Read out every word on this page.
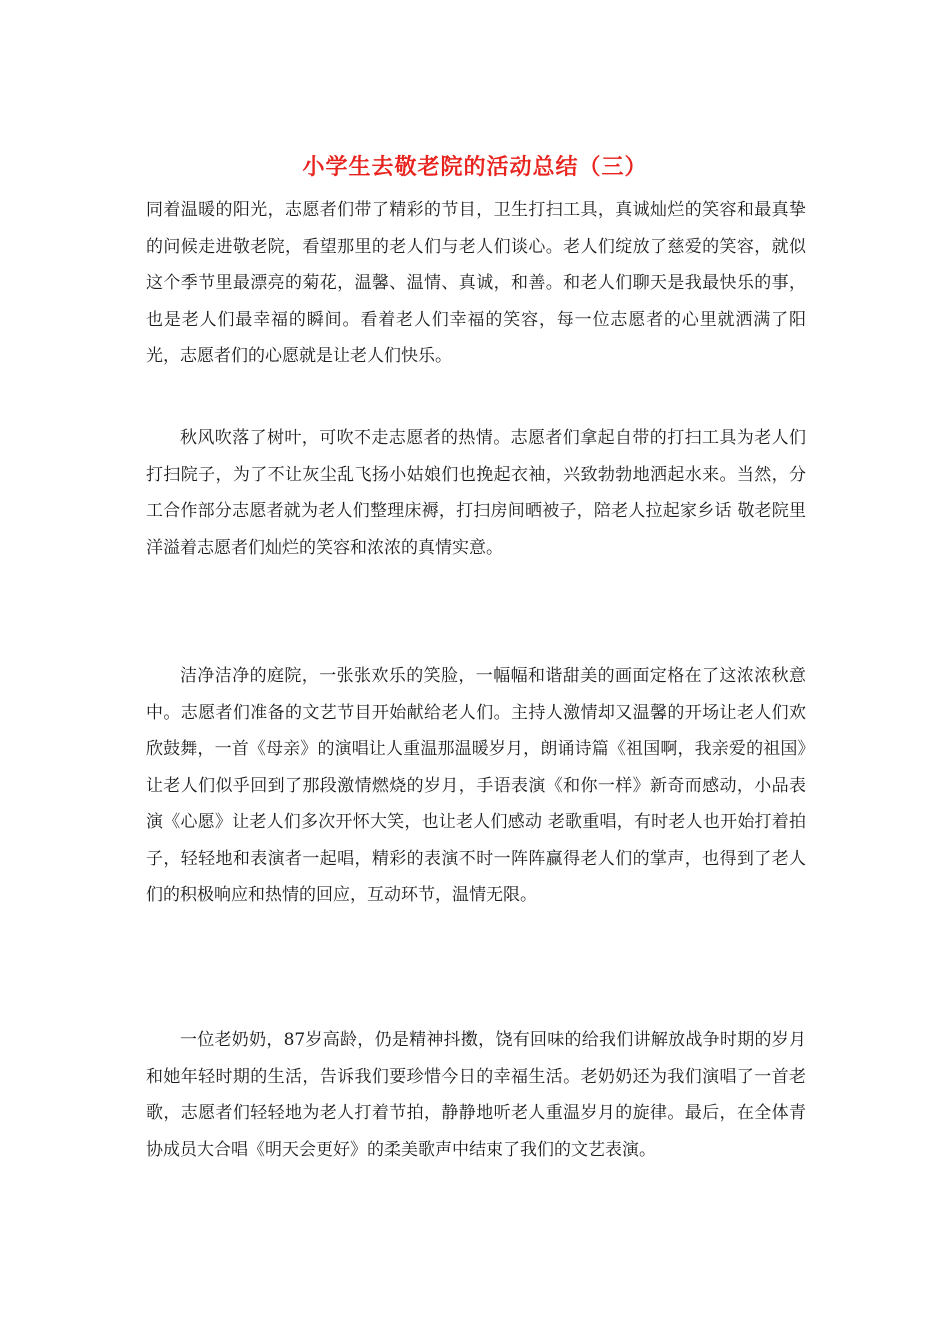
小学生去敬老院的活动总结（三）

同着温暖的阳光，志愿者们带了精彩的节目，卫生打扫工具，真诚灿烂的笑容和最真挚的问候走进敬老院，看望那里的老人们与老人们谈心。老人们绽放了慈爱的笑容，就似这个季节里最漂亮的菊花，温馨、温情、真诚，和善。和老人们聊天是我最快乐的事，也是老人们最幸福的瞬间。看着老人们幸福的笑容，每一位志愿者的心里就洒满了阳光，志愿者们的心愿就是让老人们快乐。

秋风吹落了树叶，可吹不走志愿者的热情。志愿者们拿起自带的打扫工具为老人们打扫院子，为了不让灰尘乱飞扬小姑娘们也挽起衣袖，兴致勃勃地洒起水来。当然，分工合作部分志愿者就为老人们整理床褥，打扫房间晒被子，陪老人拉起家乡话 敬老院里洋溢着志愿者们灿烂的笑容和浓浓的真情实意。

洁净洁净的庭院，一张张欢乐的笑脸，一幅幅和谐甜美的画面定格在了这浓浓秋意中。志愿者们准备的文艺节目开始献给老人们。主持人激情却又温馨的开场让老人们欢欣鼓舞，一首《母亲》的演唱让人重温那温暖岁月，朗诵诗篇《祖国啊，我亲爱的祖国》让老人们似乎回到了那段激情燃烧的岁月，手语表演《和你一样》新奇而感动，小品表演《心愿》让老人们多次开怀大笑，也让老人们感动 老歌重唱，有时老人也开始打着拍子，轻轻地和表演者一起唱，精彩的表演不时一阵阵赢得老人们的掌声，也得到了老人们的积极响应和热情的回应，互动环节，温情无限。

一位老奶奶，87岁高龄，仍是精神抖擞，饶有回味的给我们讲解放战争时期的岁月和她年轻时期的生活，告诉我们要珍惜今日的幸福生活。老奶奶还为我们演唱了一首老歌，志愿者们轻轻地为老人打着节拍，静静地听老人重温岁月的旋律。最后，在全体青协成员大合唱《明天会更好》的柔美歌声中结束了我们的文艺表演。
